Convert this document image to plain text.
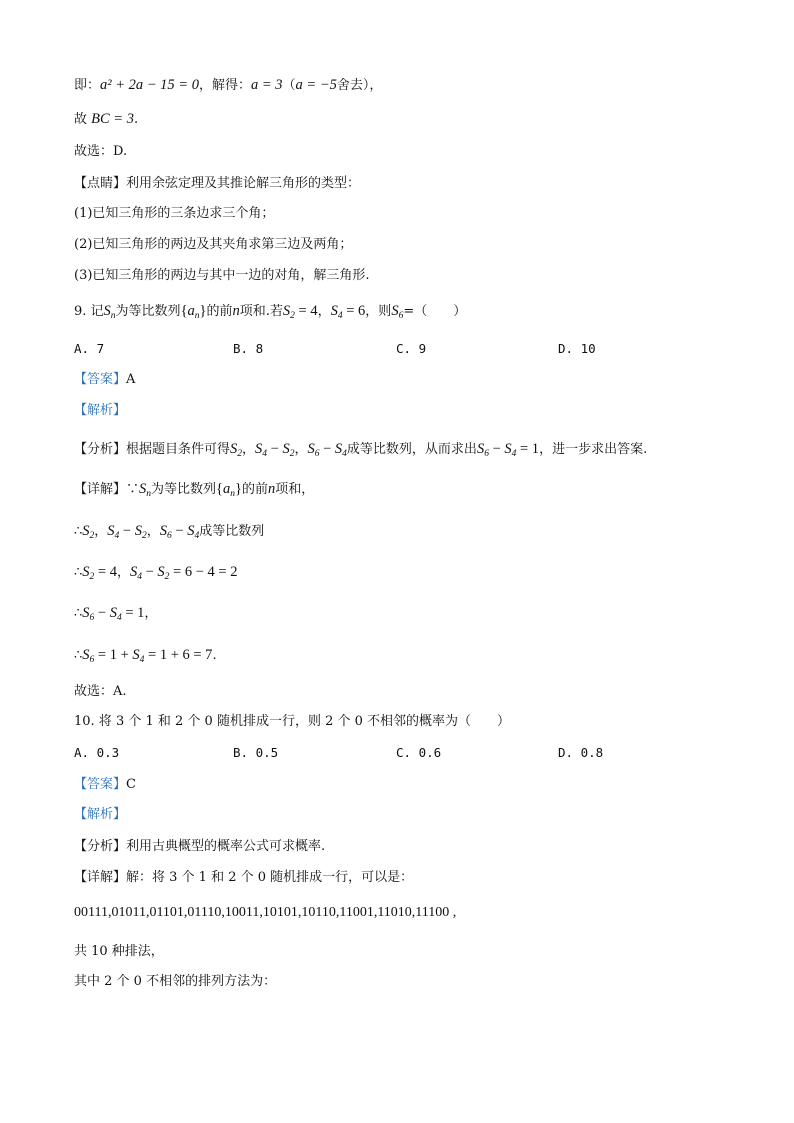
即：a² + 2a − 15 = 0，解得：a = 3（a = −5舍去），
故 BC = 3.
故选：D.
【点睛】利用余弦定理及其推论解三角形的类型：
(1)已知三角形的三条边求三个角；
(2)已知三角形的两边及其夹角求第三边及两角；
(3)已知三角形的两边与其中一边的对角，解三角形.
9. 记$S_n$为等比数列$\{a_n\}$的前n项和.若$S_2 = 4$，$S_4 = 6$，则$S_6=$（　　）
A. 7	B. 8	C. 9	D. 10
【答案】A
【解析】
【分析】根据题目条件可得$S_2$，$S_4 - S_2$，$S_6 - S_4$成等比数列，从而求出$S_6 - S_4 = 1$，进一步求出答案.
【详解】$\because S_n$为等比数列$\{a_n\}$的前n项和，
$\therefore S_2$，$S_4 - S_2$，$S_6 - S_4$成等比数列
$\therefore S_2 = 4$，$S_4 - S_2 = 6 - 4 = 2$
$\therefore S_6 - S_4 = 1$，
$\therefore S_6 = 1 + S_4 = 1 + 6 = 7$.
故选：A.
10. 将 3 个 1 和 2 个 0 随机排成一行，则 2 个 0 不相邻的概率为（　　）
A. 0.3	B. 0.5	C. 0.6	D. 0.8
【答案】C
【解析】
【分析】利用古典概型的概率公式可求概率.
【详解】解：将 3 个 1 和 2 个 0 随机排成一行，可以是：
00111,01011,01101,01110,10011,10101,10110,11001,11010,11100 ,
共 10 种排法，
其中 2 个 0 不相邻的排列方法为：
